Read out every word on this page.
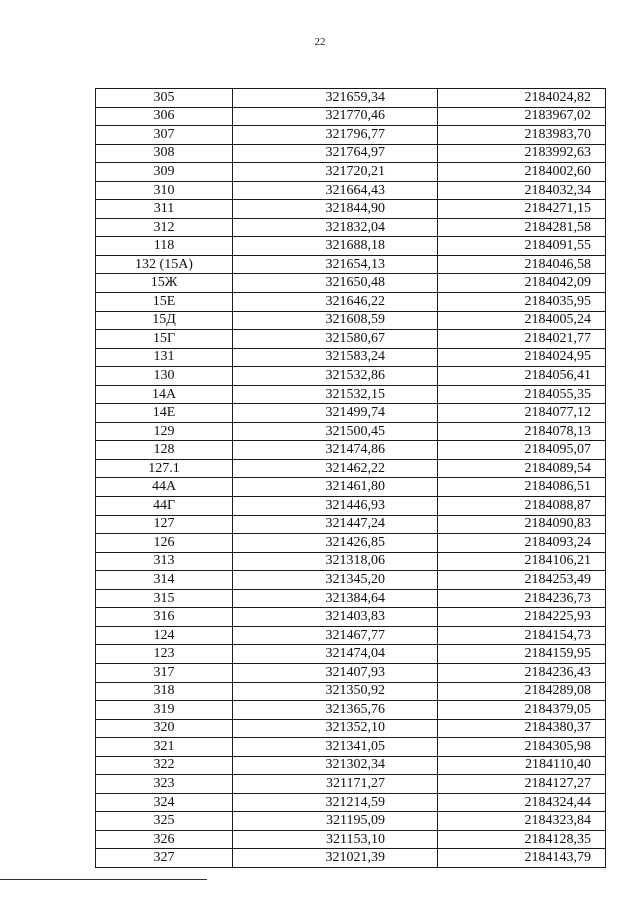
22
305	321659,34	2184024,82
306	321770,46	2183967,02
307	321796,77	2183983,70
308	321764,97	2183992,63
309	321720,21	2184002,60
310	321664,43	2184032,34
311	321844,90	2184271,15
312	321832,04	2184281,58
118	321688,18	2184091,55
132 (15А)	321654,13	2184046,58
15Ж	321650,48	2184042,09
15Е	321646,22	2184035,95
15Д	321608,59	2184005,24
15Г	321580,67	2184021,77
131	321583,24	2184024,95
130	321532,86	2184056,41
14А	321532,15	2184055,35
14Е	321499,74	2184077,12
129	321500,45	2184078,13
128	321474,86	2184095,07
127.1	321462,22	2184089,54
44А	321461,80	2184086,51
44Г	321446,93	2184088,87
127	321447,24	2184090,83
126	321426,85	2184093,24
313	321318,06	2184106,21
314	321345,20	2184253,49
315	321384,64	2184236,73
316	321403,83	2184225,93
124	321467,77	2184154,73
123	321474,04	2184159,95
317	321407,93	2184236,43
318	321350,92	2184289,08
319	321365,76	2184379,05
320	321352,10	2184380,37
321	321341,05	2184305,98
322	321302,34	2184110,40
323	321171,27	2184127,27
324	321214,59	2184324,44
325	321195,09	2184323,84
326	321153,10	2184128,35
327	321021,39	2184143,79
